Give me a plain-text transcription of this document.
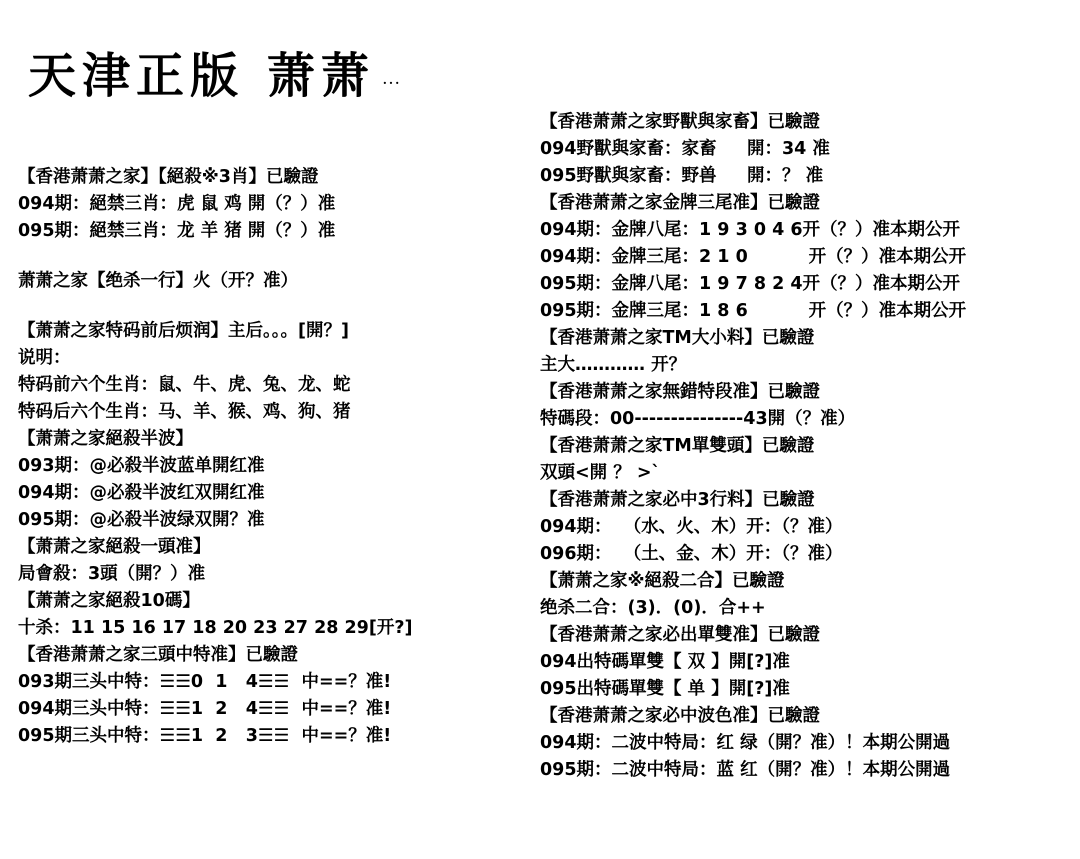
天津正版 萧萧 ...
【香港萧萧之家】【絕殺※3肖】已驗證
094期：絕禁三肖：虎 鼠 鸡 開（？）准
095期：絕禁三肖：龙 羊 猪 開（？）准
萧萧之家【绝杀一行】火（开？准）
【萧萧之家特码前后烦润】主后。。。[開？]
说明：
特码前六个生肖：鼠、牛、虎、兔、龙、蛇
特码后六个生肖：马、羊、猴、鸡、狗、猪
【萧萧之家絕殺半波】
093期：@必殺半波蓝单開红准
094期：@必殺半波红双開红准
095期：@必殺半波绿双開？准
【萧萧之家絕殺一頭准】
局會殺：3頭（開？）准
【萧萧之家絕殺10碼】
十杀：11 15 16 17 18 20 23 27 28 29[开?]
【香港萧萧之家三頭中特准】已驗證
093期三头中特：☰☰0  1   4☰☰  中==？准!
094期三头中特：☰☰1  2   4☰☰  中==？准!
095期三头中特：☰☰1  2   3☰☰  中==？准!
【香港萧萧之家野獸與家畜】已驗證
094野獸與家畜：家畜     開：34 准
095野獸與家畜：野兽     開：？ 准
【香港萧萧之家金牌三尾准】已驗證
094期：金牌八尾：1 9 3 0 4 6开（？）准本期公开
094期：金牌三尾：2 1 0          开（？）准本期公开
095期：金牌八尾：1 9 7 8 2 4开（？）准本期公开
095期：金牌三尾：1 8 6          开（？）准本期公开
【香港萧萧之家TM大小料】已驗證
主大………… 开？
【香港萧萧之家無錯特段准】已驗證
特碼段：00---------------43開（？准）
【香港萧萧之家TM單雙頭】已驗證
双頭<開 ？ >`
【香港萧萧之家必中3行料】已驗證
094期：  （水、火、木）开：（？准）
096期：  （土、金、木）开：（？准）
【萧萧之家※絕殺二合】已驗證
绝杀二合：(3)．(0)．合++
【香港萧萧之家必出單雙准】已驗證
094出特碼單雙【 双 】開[?]准
095出特碼單雙【 单 】開[?]准
【香港萧萧之家必中波色准】已驗證
094期：二波中特局：红 绿（開？准）！本期公開過
095期：二波中特局：蓝 红（開？准）！本期公開過
